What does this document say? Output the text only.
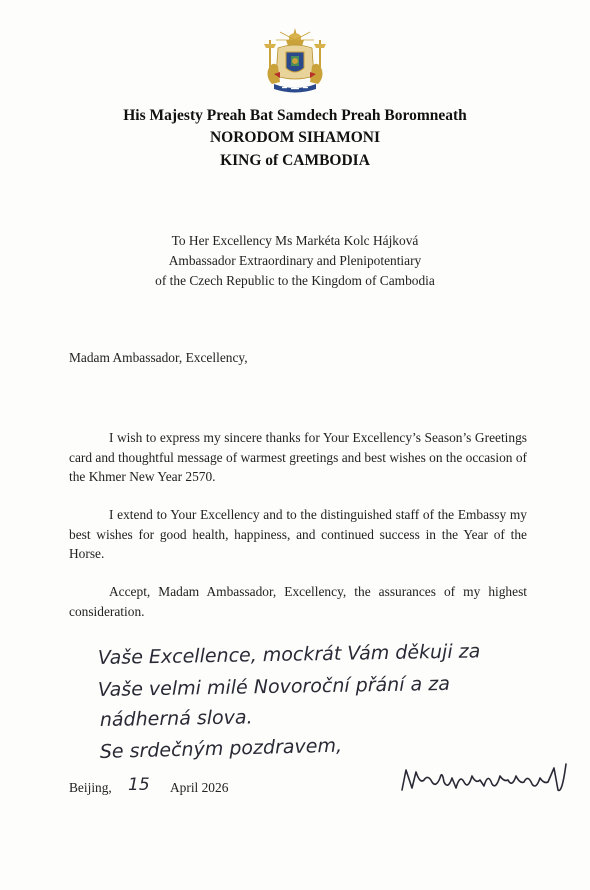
His Majesty Preah Bat Samdech Preah Boromneath
NORODOM SIHAMONI
KING of CAMBODIA
To Her Excellency Ms Markéta Kolc Hájková
Ambassador Extraordinary and Plenipotentiary
of the Czech Republic to the Kingdom of Cambodia
Madam Ambassador, Excellency,
I wish to express my sincere thanks for Your Excellency’s Season’s Greetings card and thoughtful message of warmest greetings and best wishes on the occasion of the Khmer New Year 2570.
I extend to Your Excellency and to the distinguished staff of the Embassy my best wishes for good health, happiness, and continued success in the Year of the Horse.
Accept, Madam Ambassador, Excellency, the assurances of my highest consideration.
Vaše Excellence, mockrát Vám děkuji za
Vaše velmi milé Novoroční přání a za
nádherná slova.
Se srdečným pozdravem,
Beijing, 15 April 2026
